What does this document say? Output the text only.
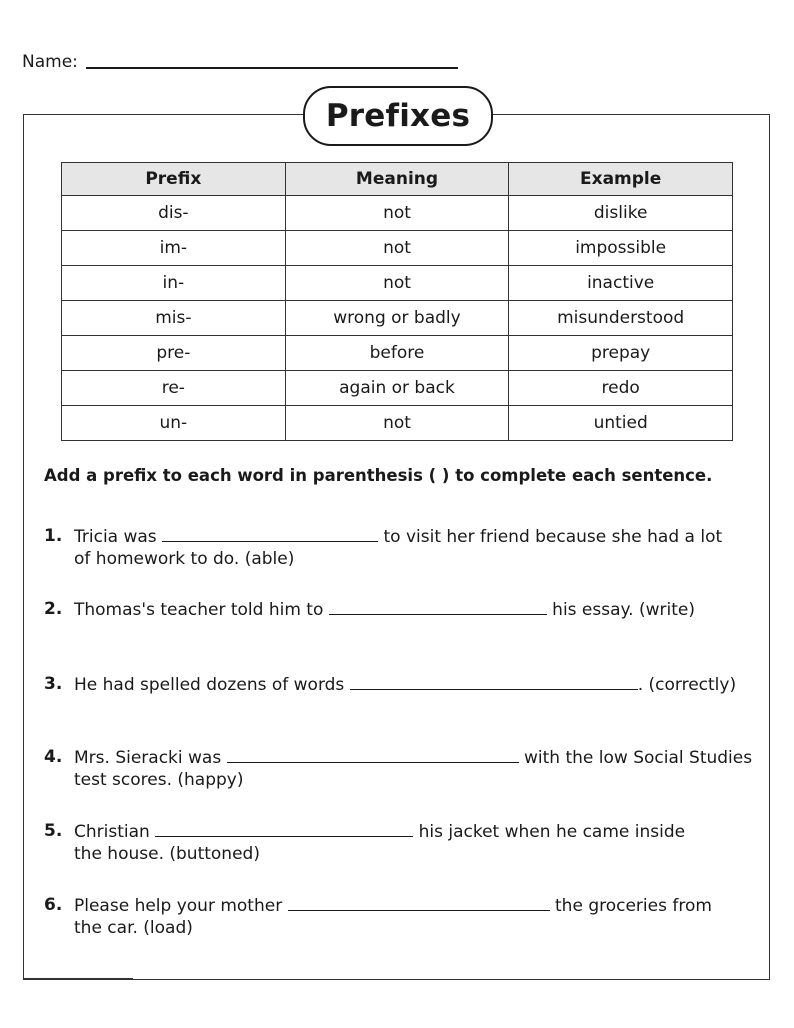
Name:
Prefixes
Prefix	Meaning	Example
dis-	not	dislike
im-	not	impossible
in-	not	inactive
mis-	wrong or badly	misunderstood
pre-	before	prepay
re-	again or back	redo
un-	not	untied
Add a prefix to each word in parenthesis ( ) to complete each sentence.
1. Tricia was	to visit her friend because she had a lot
of homework to do. (able)
2. Thomas's teacher told him to	his essay. (write)
3. He had spelled dozens of words	. (correctly)
4. Mrs. Sieracki was	with the low Social Studies
test scores. (happy)
5. Christian	his jacket when he came inside
the house. (buttoned)
6. Please help your mother	the groceries from
the car. (load)
